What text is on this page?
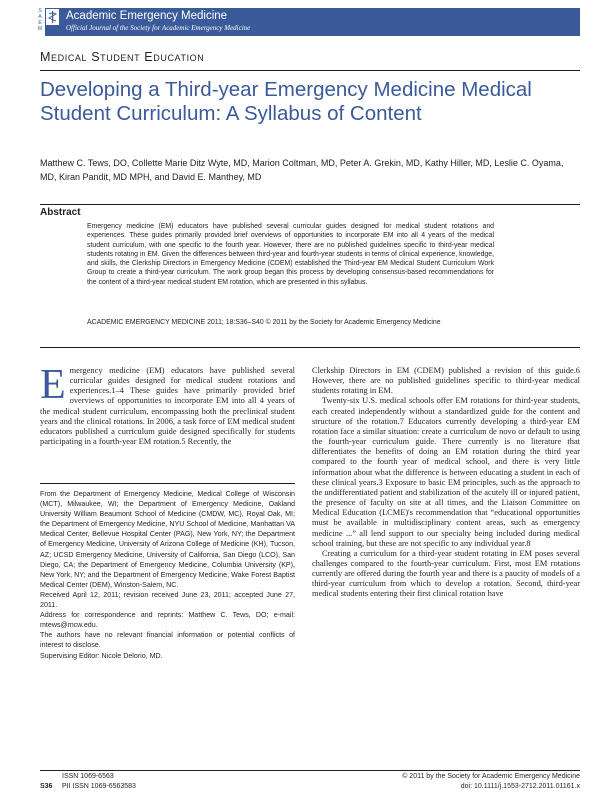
S
A
E
M
Academic Emergency Medicine
Official Journal of the Society for Academic Emergency Medicine
Medical Student Education
Developing a Third-year Emergency Medicine Medical Student Curriculum: A Syllabus of Content
Matthew C. Tews, DO, Collette Marie Ditz Wyte, MD, Marion Coltman, MD, Peter A. Grekin, MD, Kathy Hiller, MD, Leslie C. Oyama, MD, Kiran Pandit, MD MPH, and David E. Manthey, MD
Abstract
Emergency medicine (EM) educators have published several curricular guides designed for medical student rotations and experiences. These guides primarily provided brief overviews of opportunities to incorporate EM into all 4 years of the medical student curriculum, with one specific to the fourth year. However, there are no published guidelines specific to third-year medical students rotating in EM. Given the differences between third-year and fourth-year students in terms of clinical experience, knowledge, and skills, the Clerkship Directors in Emergency Medicine (CDEM) established the Third-year EM Medical Student Curriculum Work Group to create a third-year curriculum. The work group began this process by developing consensus-based recommendations for the content of a third-year medical student EM rotation, which are presented in this syllabus.
ACADEMIC EMERGENCY MEDICINE 2011; 18:S36–S40 © 2011 by the Society for Academic Emergency Medicine

Emergency medicine (EM) educators have published several curricular guides designed for medical student rotations and experiences.1–4 These guides have primarily provided brief overviews of opportunities to incorporate EM into all 4 years of the medical student curriculum, encompassing both the preclinical student years and the clinical rotations. In 2006, a task force of EM medical student educators published a curriculum guide designed specifically for students participating in a fourth-year EM rotation.5 Recently, the

From the Department of Emergency Medicine, Medical College of Wisconsin (MCT), Milwaukee, WI; the Department of Emergency Medicine, Oakland University William Beaumont School of Medicine (CMDW, MC), Royal Oak, MI; the Department of Emergency Medicine, NYU School of Medicine, Manhattan VA Medical Center, Bellevue Hospital Center (PAG), New York, NY; the Department of Emergency Medicine, University of Arizona College of Medicine (KH), Tucson, AZ; UCSD Emergency Medicine, University of California, San Diego (LCO), San Diego, CA; the Department of Emergency Medicine, Columbia University (KP), New York, NY; and the Department of Emergency Medicine, Wake Forest Baptist Medical Center (DEM), Winston-Salem, NC.

Received April 12, 2011; revision received June 23, 2011; accepted June 27, 2011.

Address for correspondence and reprints: Matthew C. Tews, DO; e-mail: mtews@mcw.edu.

The authors have no relevant financial information or potential conflicts of interest to disclose.

Supervising Editor: Nicole Delorio, MD.

Clerkship Directors in EM (CDEM) published a revision of this guide.6 However, there are no published guidelines specific to third-year medical students rotating in EM.

Twenty-six U.S. medical schools offer EM rotations for third-year students, each created independently without a standardized guide for the content and structure of the rotation.7 Educators currently developing a third-year EM rotation face a similar situation: create a curriculum de novo or default to using the fourth-year curriculum guide. There currently is no literature that differentiates the benefits of doing an EM rotation during the third year compared to the fourth year of medical school, and there is very little information about what the difference is between educating a student in each of these clinical years.3 Exposure to basic EM principles, such as the approach to the undifferentiated patient and stabilization of the acutely ill or injured patient, the presence of faculty on site at all times, and the Liaison Committee on Medical Education (LCME)'s recommendation that “educational opportunities must be available in multidisciplinary content areas, such as emergency medicine ...” all lend support to our specialty being included during medical school training, but these are not specific to any individual year.8

Creating a curriculum for a third-year student rotating in EM poses several challenges compared to the fourth-year curriculum. First, most EM rotations currently are offered during the fourth year and there is a paucity of models of a third-year curriculum from which to develop a rotation. Second, third-year medical students entering their first clinical rotation have

ISSN 1069-6563
S36 PII ISSN 1069-6563583
© 2011 by the Society for Academic Emergency Medicine
doi: 10.1111/j.1553-2712.2011.01161.x
